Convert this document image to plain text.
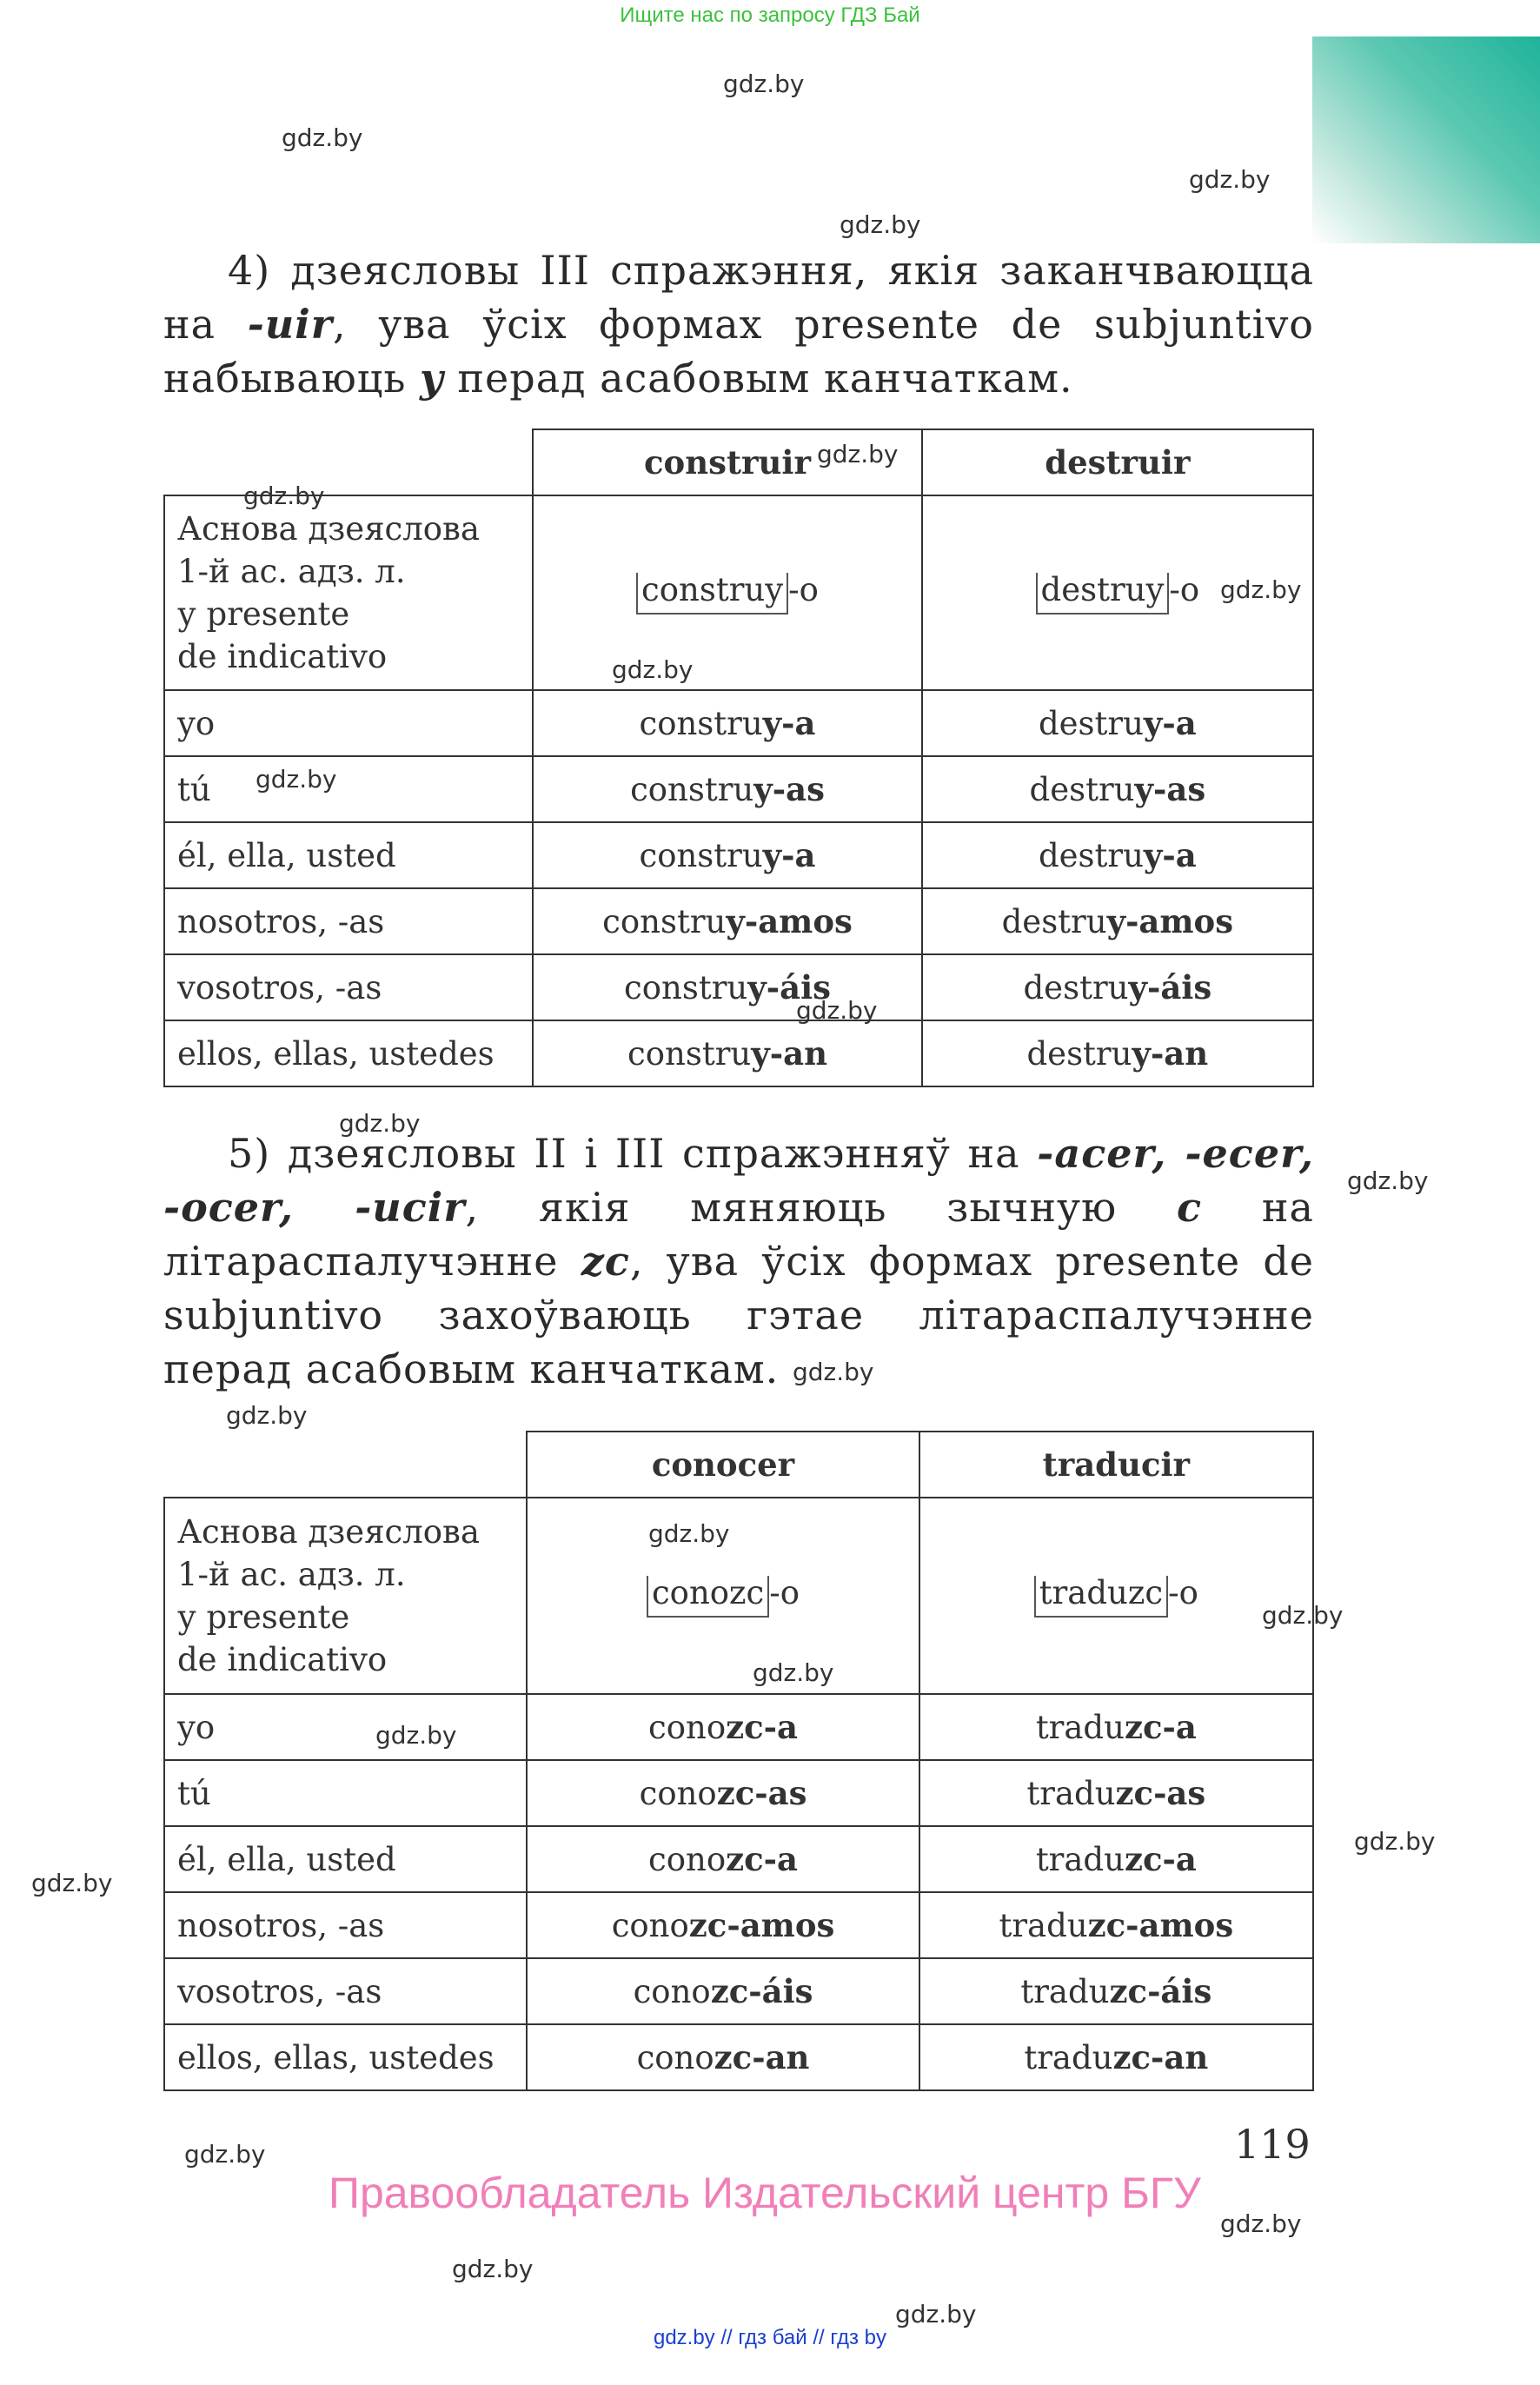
Ищите нас по запросу ГДЗ Бай
gdz.by
gdz.by
gdz.by
gdz.by
gdz.by
gdz.by
gdz.by
gdz.by
gdz.by
gdz.by
gdz.by
gdz.by
gdz.by
gdz.by
gdz.by
gdz.by
gdz.by
gdz.by
gdz.by
gdz.by
gdz.by
gdz.by
gdz.by
gdz.by
4) дзеясловы III спражэння, якія заканчваюцца на -uir, ува ўсіх формах presente de subjuntivo набываюць y перад асабовым канчаткам.
	construir	destruir

Аснова дзеяслова
1-й ас. адз. л.
у presente
de indicativo	construy -o	destruy -o
yo	construy-a	destruy-a
tú	construy-as	destruy-as
él, ella, usted	construy-a	destruy-a
nosotros, -as	construy-amos	destruy-amos
vosotros, -as	construy-áis	destruy-áis
ellos, ellas, ustedes	construy-an	destruy-an
5) дзеясловы II і III спражэнняў на -acer, -ecer, -ocer, -ucir, якія мяняюць зычную c на літараспалучэнне zc, ува ўсіх формах presente de subjuntivo захоўваюць гэтае літараспалучэнне перад асабовым канчаткам.
	conocer	traducir

Аснова дзеяслова
1-й ас. адз. л.
у presente
de indicativo	conozc -o	traduzc -o
yo	conozc-a	traduzc-a
tú	conozc-as	traduzc-as
él, ella, usted	conozc-a	traduzc-a
nosotros, -as	conozc-amos	traduzc-amos
vosotros, -as	conozc-áis	traduzc-áis
ellos, ellas, ustedes	conozc-an	traduzc-an
119
Правообладатель Издательский центр БГУ
gdz.by // гдз бай // гдз by
